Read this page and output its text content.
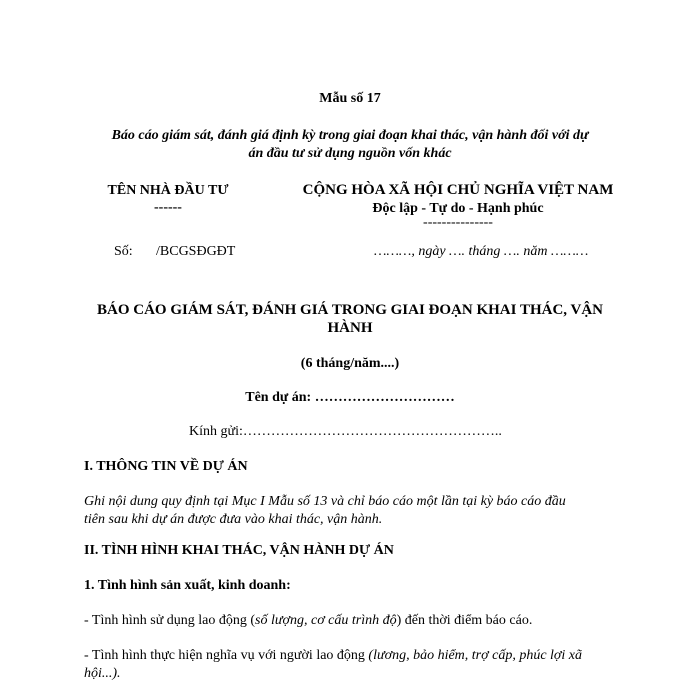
Mẫu số 17
Báo cáo giám sát, đánh giá định kỳ trong giai đoạn khai thác, vận hành đối với dự
án đầu tư sử dụng nguồn vốn khác
TÊN NHÀ ĐẦU TƯ
------
CỘNG HÒA XÃ HỘI CHỦ NGHĨA VIỆT NAM
Độc lập - Tự do - Hạnh phúc
---------------
Số: /BCGSĐGĐT	………, ngày …. tháng …. năm ………
BÁO CÁO GIÁM SÁT, ĐÁNH GIÁ TRONG GIAI ĐOẠN KHAI THÁC, VẬN
HÀNH
(6 tháng/năm....)
Tên dự án: …………………………
Kính gửi:………………………………………………..
I. THÔNG TIN VỀ DỰ ÁN
Ghi nội dung quy định tại Mục I Mẫu số 13 và chỉ báo cáo một lần tại kỳ báo cáo đầu
tiên sau khi dự án được đưa vào khai thác, vận hành.
II. TÌNH HÌNH KHAI THÁC, VẬN HÀNH DỰ ÁN
1. Tình hình sản xuất, kinh doanh:
- Tình hình sử dụng lao động (số lượng, cơ cấu trình độ) đến thời điểm báo cáo.
- Tình hình thực hiện nghĩa vụ với người lao động (lương, bảo hiểm, trợ cấp, phúc lợi xã
hội...).
